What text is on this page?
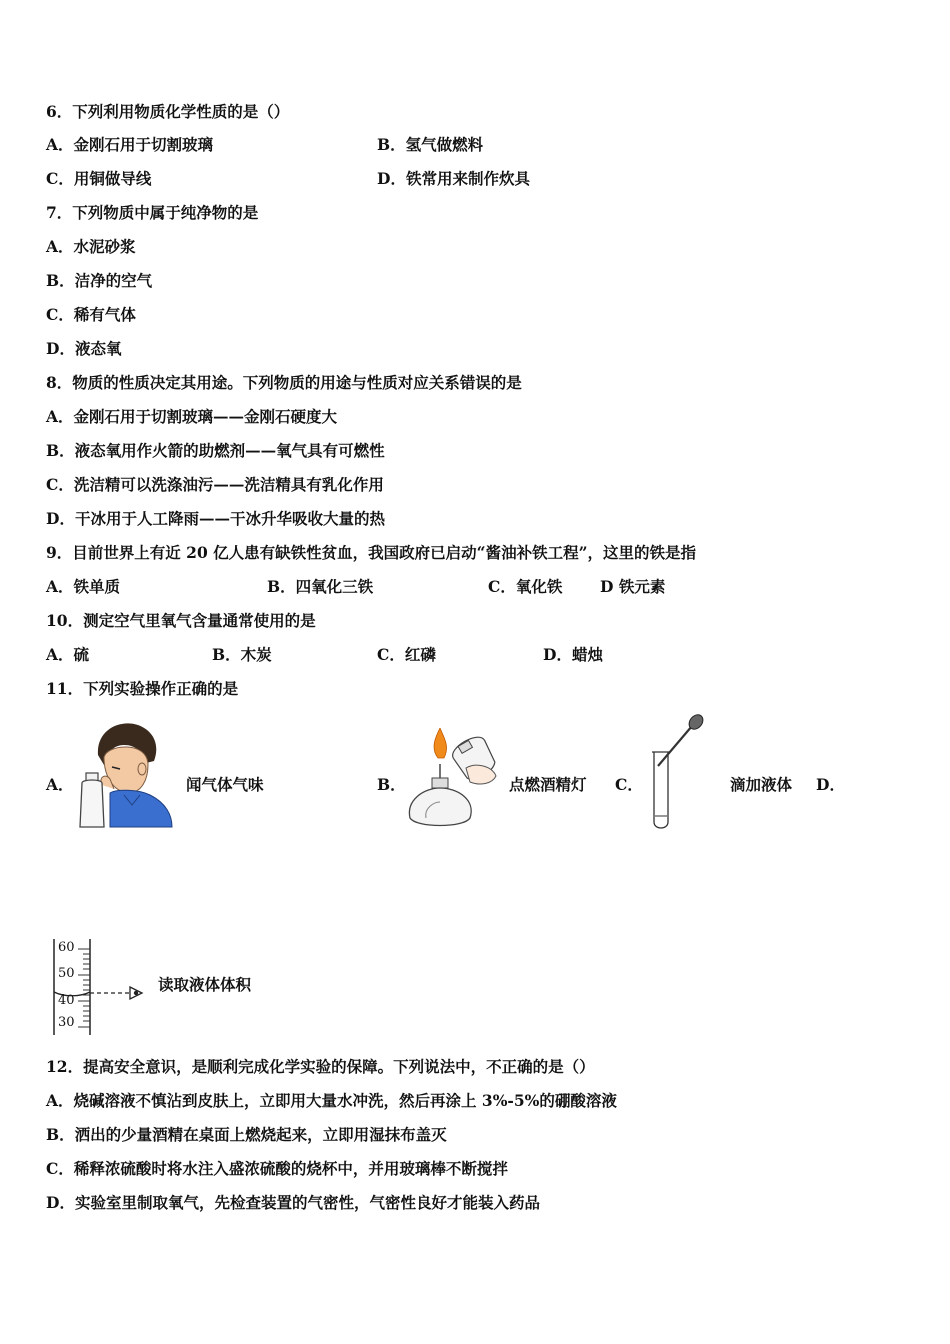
6．下列利用物质化学性质的是（）
A．金刚石用于切割玻璃	B．氢气做燃料
C．用铜做导线	D．铁常用来制作炊具
7．下列物质中属于纯净物的是
A．水泥砂浆
B．洁净的空气
C．稀有气体
D．液态氧
8．物质的性质决定其用途。下列物质的用途与性质对应关系错误的是
A．金刚石用于切割玻璃——金刚石硬度大
B．液态氧用作火箭的助燃剂——氧气具有可燃性
C．洗洁精可以洗涤油污——洗洁精具有乳化作用
D．干冰用于人工降雨——干冰升华吸收大量的热
9．目前世界上有近 20 亿人患有缺铁性贫血，我国政府已启动“酱油补铁工程”，这里的铁是指
A．铁单质	B．四氧化三铁	C．氧化铁 D 铁元素
10．测定空气里氧气含量通常使用的是
A．硫	B．木炭	C．红磷	D．蜡烛
11．下列实验操作正确的是
A．	闻气体气味	B．	点燃酒精灯 C．	滴加液体 D．
60
50
40
30
读取液体体积
12．提高安全意识，是顺利完成化学实验的保障。下列说法中，不正确的是（）
A．烧碱溶液不慎沾到皮肤上，立即用大量水冲洗，然后再涂上 3%-5%的硼酸溶液
B．洒出的少量酒精在桌面上燃烧起来，立即用湿抹布盖灭
C．稀释浓硫酸时将水注入盛浓硫酸的烧杯中，并用玻璃棒不断搅拌
D．实验室里制取氧气，先检查装置的气密性，气密性良好才能装入药品
